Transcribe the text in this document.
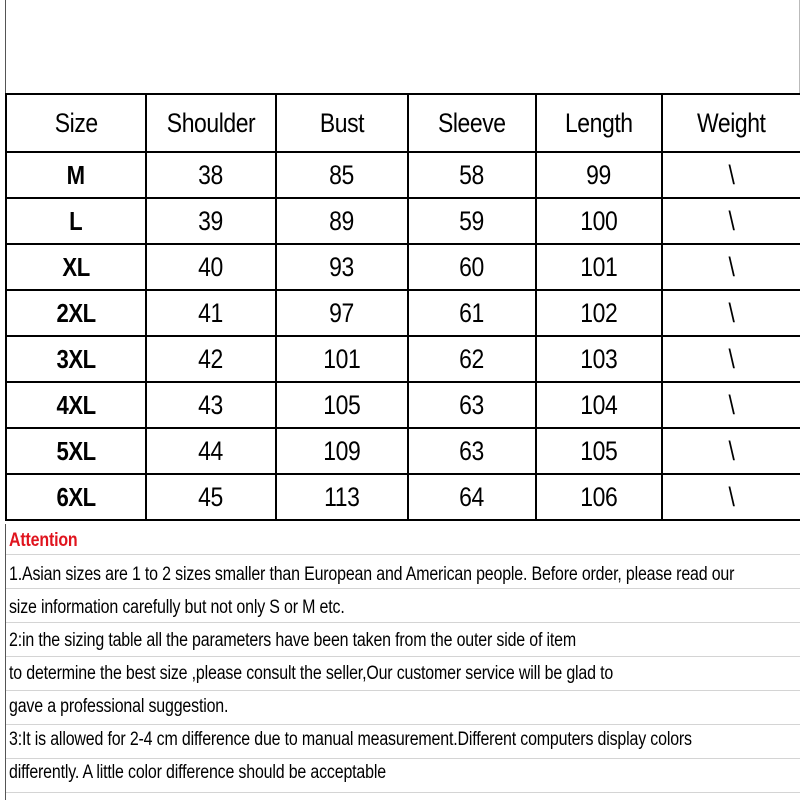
Size	Shoulder	Bust	Sleeve	Length	Weight
M	38	85	58	99	\
L	39	89	59	100	\
XL	40	93	60	101	\
2XL	41	97	61	102	\
3XL	42	101	62	103	\
4XL	43	105	63	104	\
5XL	44	109	63	105	\
6XL	45	113	64	106	\
Attention
1.Asian sizes are 1 to 2 sizes smaller than European and American people. Before order, please read our
size information carefully but not only S or M etc.
2:in the sizing table all the parameters have been taken from the outer side of item
to determine the best size ,please consult the seller,Our customer service will be glad to
gave a professional suggestion.
3:It is allowed for 2-4 cm difference due to manual measurement.Different computers display colors
differently. A little color difference should be acceptable
